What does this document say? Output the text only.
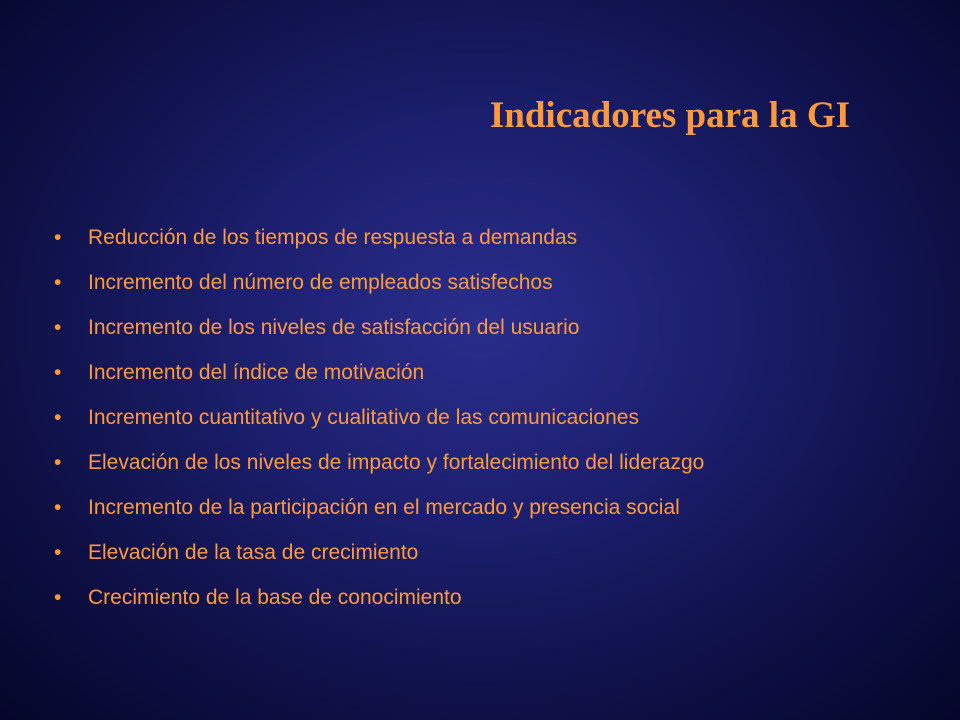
Indicadores para la GI
•	Reducción de los tiempos de respuesta a demandas
•	Incremento del número de empleados satisfechos
•	Incremento de los niveles de satisfacción del usuario
•	Incremento del índice de motivación
•	Incremento cuantitativo y cualitativo de las comunicaciones
•	Elevación de los niveles de impacto y fortalecimiento del liderazgo
•	Incremento de la participación en el mercado y presencia social
•	Elevación de la tasa de crecimiento
•	Crecimiento de la base de conocimiento
